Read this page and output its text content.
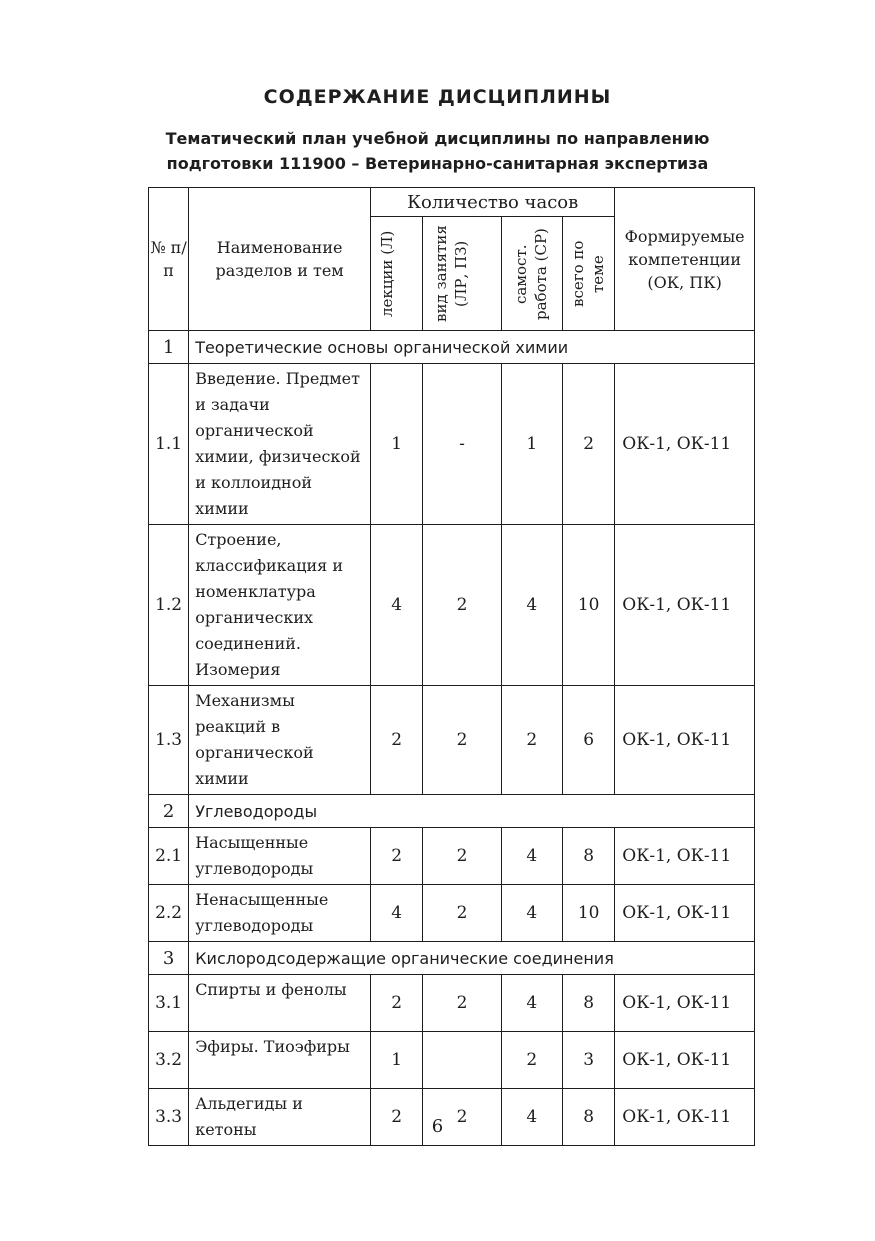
СОДЕРЖАНИЕ ДИСЦИПЛИНЫ
Тематический план учебной дисциплины по направлению
подготовки 111900 – Ветеринарно-санитарная экспертиза
№ п/п	Наименование разделов и тем	Количество часов				Формируемые компетенции (ОК, ПК)

		лекции (Л)	вид занятия (ЛР, ПЗ)	самост. работа (СР)	всего по теме	

1	Теоретические основы органической химии					
1.1	Введение. Предмет и задачи органической химии, физической и коллоидной химии	1	-	1	2	ОК-1, ОК-11
1.2	Строение, классификация и номенклатура органических соединений. Изомерия	4	2	4	10	ОК-1, ОК-11
1.3	Механизмы реакций в органической химии	2	2	2	6	ОК-1, ОК-11
2	Углеводороды					
2.1	Насыщенные углеводороды	2	2	4	8	ОК-1, ОК-11
2.2	Ненасыщенные углеводороды	4	2	4	10	ОК-1, ОК-11
3	Кислородсодержащие органические соединения					
3.1	Спирты и фенолы	2	2	4	8	ОК-1, ОК-11
3.2	Эфиры. Тиоэфиры	1		2	3	ОК-1, ОК-11
3.3	Альдегиды и кетоны	2	2	4	8	ОК-1, ОК-11
6
